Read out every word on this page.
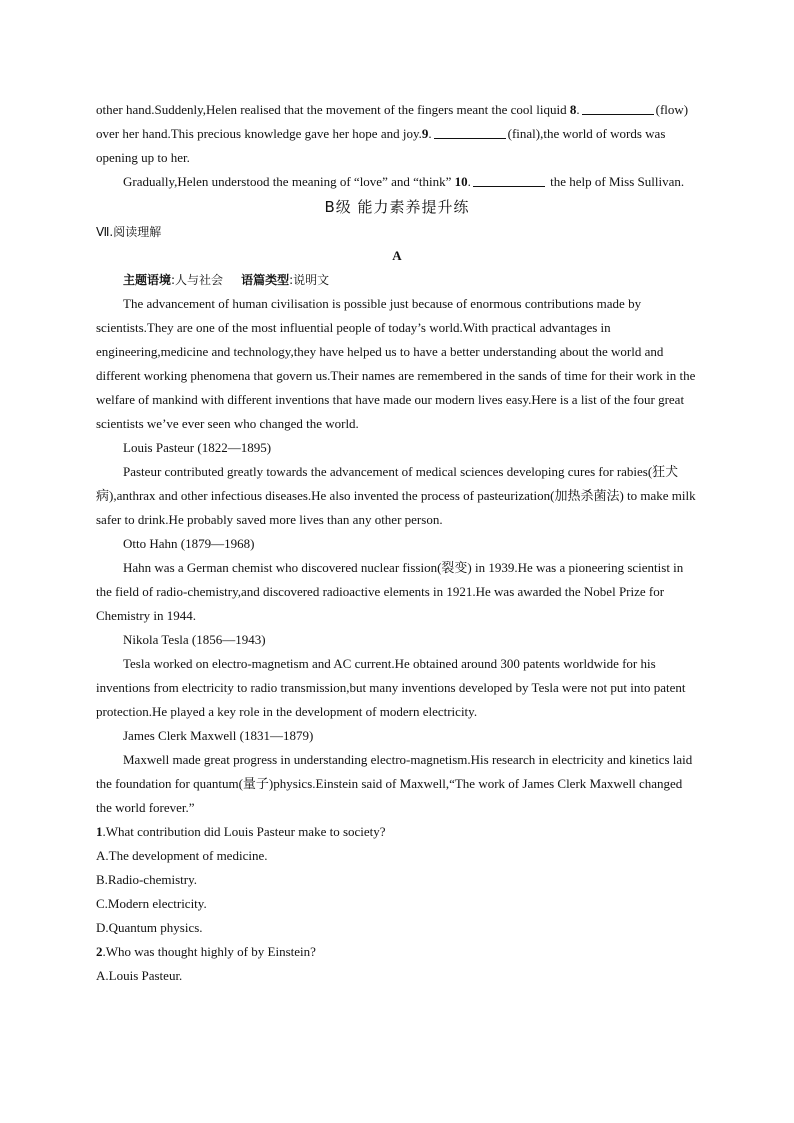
other hand.Suddenly,Helen realised that the movement of the fingers meant the cool liquid 8.	(flow) over her hand.This precious knowledge gave her hope and joy.9.	(final),the world of words was opening up to her.

Gradually,Helen understood the meaning of “love” and “think” 10.	the help of Miss Sullivan.

B级 能力素养提升练

Ⅶ.阅读理解

A

主题语境:人与社会 语篇类型:说明文

The advancement of human civilisation is possible just because of enormous contributions made by scientists.They are one of the most influential people of today’s world.With practical advantages in engineering,medicine and technology,they have helped us to have a better understanding about the world and different working phenomena that govern us.Their names are remembered in the sands of time for their work in the welfare of mankind with different inventions that have made our modern lives easy.Here is a list of the four great scientists we’ve ever seen who changed the world.

Louis Pasteur (1822—1895)

Pasteur contributed greatly towards the advancement of medical sciences developing cures for rabies(狂犬病),anthrax and other infectious diseases.He also invented the process of pasteurization(加热杀菌法) to make milk safer to drink.He probably saved more lives than any other person.

Otto Hahn (1879—1968)

Hahn was a German chemist who discovered nuclear fission(裂变) in 1939.He was a pioneering scientist in the field of radio-chemistry,and discovered radioactive elements in 1921.He was awarded the Nobel Prize for Chemistry in 1944.

Nikola Tesla (1856—1943)

Tesla worked on electro-magnetism and AC current.He obtained around 300 patents worldwide for his inventions from electricity to radio transmission,but many inventions developed by Tesla were not put into patent protection.He played a key role in the development of modern electricity.

James Clerk Maxwell (1831—1879)

Maxwell made great progress in understanding electro-magnetism.His research in electricity and kinetics laid the foundation for quantum(量子)physics.Einstein said of Maxwell,“The work of James Clerk Maxwell changed the world forever.”

1.What contribution did Louis Pasteur make to society?

A.The development of medicine.

B.Radio-chemistry.

C.Modern electricity.

D.Quantum physics.

2.Who was thought highly of by Einstein?

A.Louis Pasteur.
